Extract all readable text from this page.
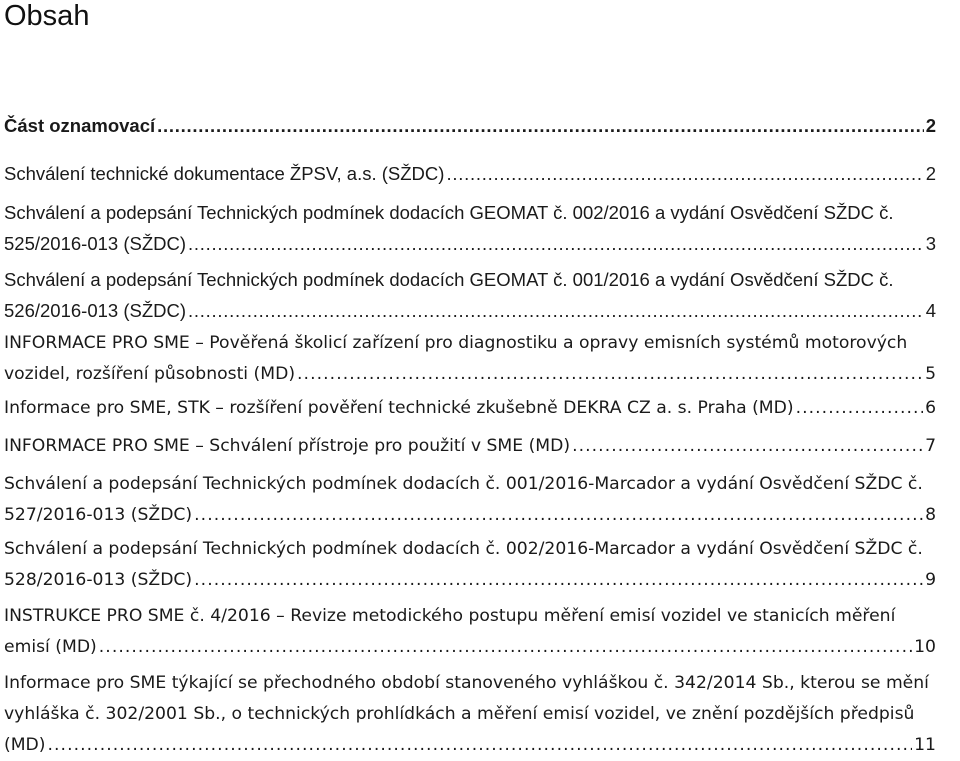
Obsah
Část oznamovací . . .	2
Schválení technické dokumentace ŽPSV, a.s. (SŽDC) . . .	2
Schválení a podepsání Technických podmínek dodacích GEOMAT č. 002/2016 a vydání Osvědčení SŽDC č.
525/2016-013 (SŽDC) . . .	3
Schválení a podepsání Technických podmínek dodacích GEOMAT č. 001/2016 a vydání Osvědčení SŽDC č.
526/2016-013 (SŽDC) . . .	4
INFORMACE PRO SME – Pověřená školicí zařízení pro diagnostiku a opravy emisních systémů motorových
vozidel, rozšíření působnosti (MD) . . .	5
Informace pro SME, STK – rozšíření pověření technické zkušebně DEKRA CZ a. s. Praha (MD) . . .	6
INFORMACE PRO SME – Schválení přístroje pro použití v SME (MD) . . .	7
Schválení a podepsání Technických podmínek dodacích č. 001/2016-Marcador a vydání Osvědčení SŽDC č.
527/2016-013 (SŽDC) . . .	8
Schválení a podepsání Technických podmínek dodacích č. 002/2016-Marcador a vydání Osvědčení SŽDC č.
528/2016-013 (SŽDC) . . .	9
INSTRUKCE PRO SME č. 4/2016 – Revize metodického postupu měření emisí vozidel ve stanicích měření
emisí (MD) . . .	10
Informace pro SME týkající se přechodného období stanoveného vyhláškou č. 342/2014 Sb., kterou se mění
vyhláška č. 302/2001 Sb., o technických prohlídkách a měření emisí vozidel, ve znění pozdějších předpisů
(MD) . . .	11
